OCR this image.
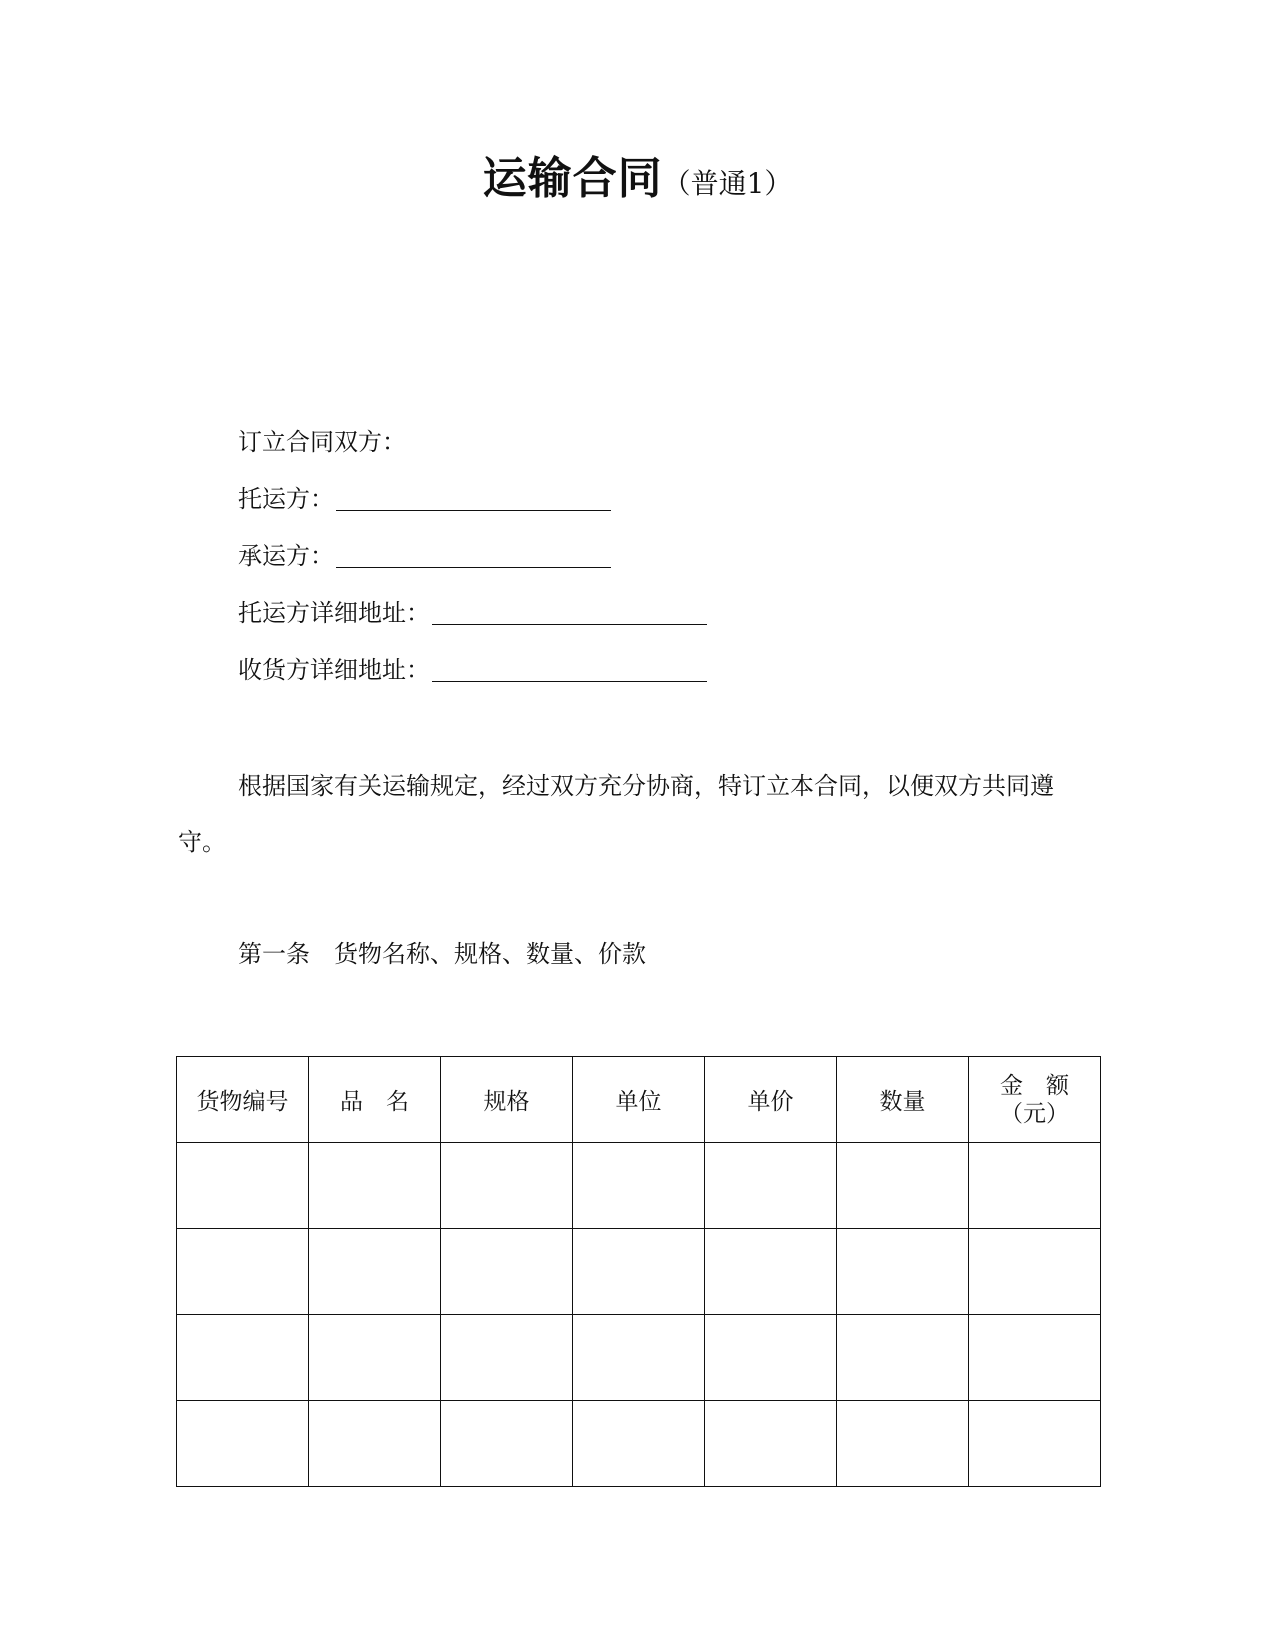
运输合同（普通1）
订立合同双方：
托运方：
承运方：
托运方详细地址：
收货方详细地址：
根据国家有关运输规定，经过双方充分协商，特订立本合同，以便双方共同遵守。
第一条　货物名称、规格、数量、价款
货物编号	品　名	规格	单位	单价	数量	金　额
（元）
